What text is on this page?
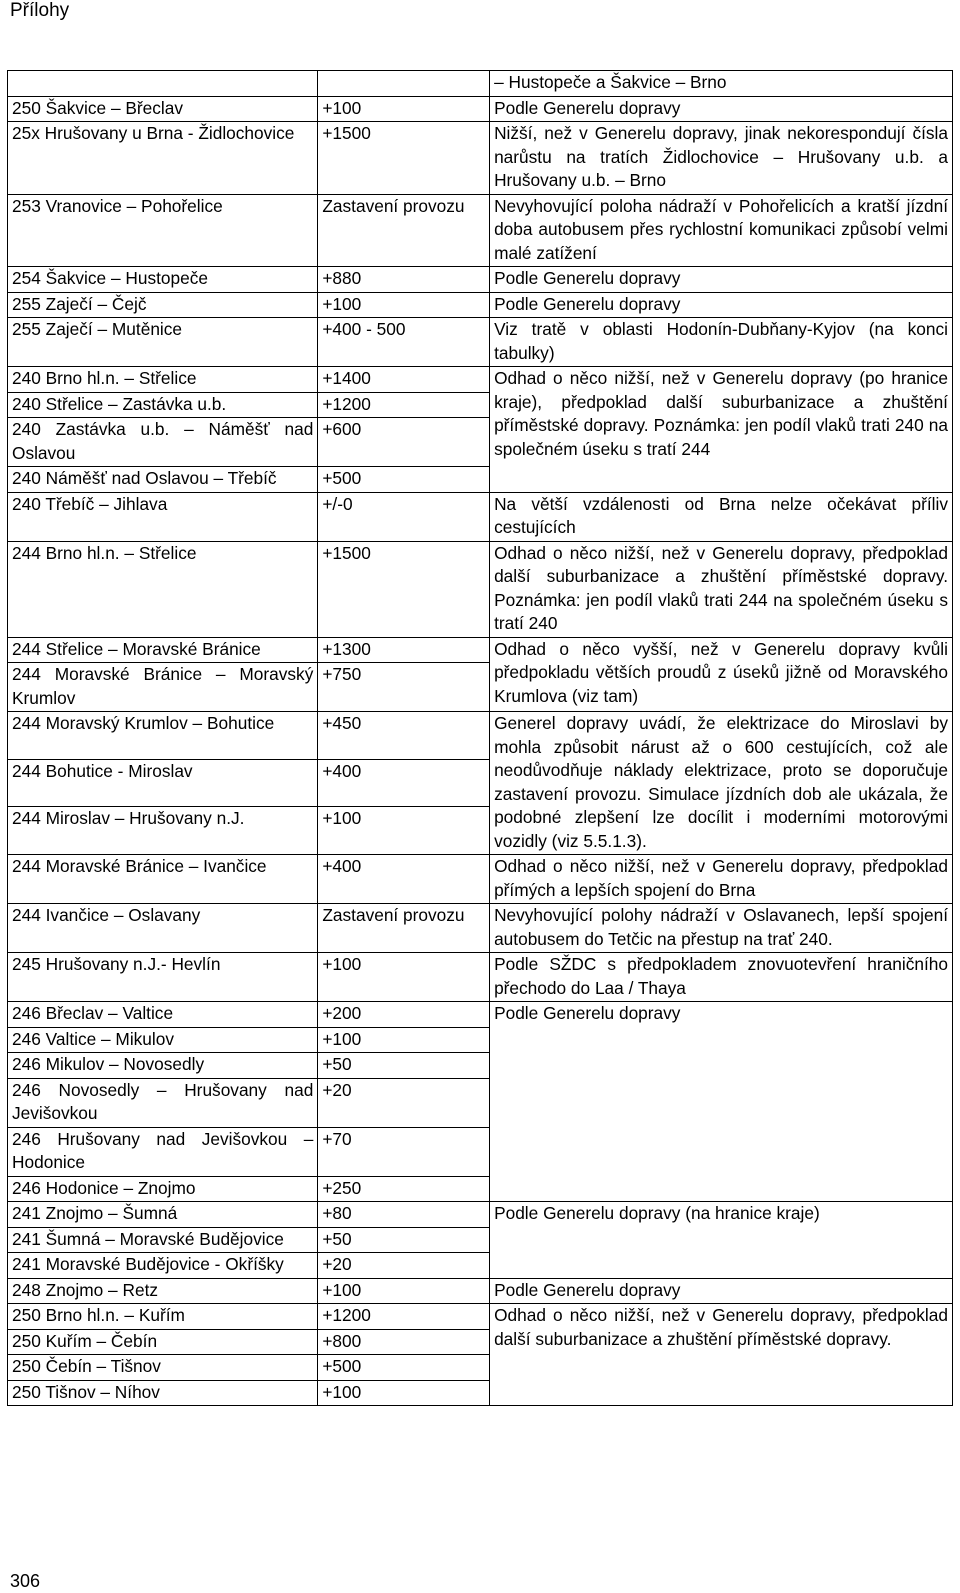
Přílohy
		– Hustopeče a Šakvice – Brno
250 Šakvice – Břeclav	+100	Podle Generelu dopravy
25x Hrušovany u Brna - Židlochovice	+1500	Nižší, než v Generelu dopravy, jinak nekorespondují čísla narůstu na tratích Židlochovice – Hrušovany u.b. a Hrušovany u.b. – Brno
253 Vranovice – Pohořelice	Zastavení provozu	Nevyhovující poloha nádraží v Pohořelicích a kratší jízdní doba autobusem přes rychlostní komunikaci způsobí velmi malé zatížení
254 Šakvice – Hustopeče	+880	Podle Generelu dopravy
255 Zaječí – Čejč	+100	Podle Generelu dopravy
255 Zaječí – Mutěnice	+400 - 500	Viz tratě v oblasti Hodonín-Dubňany-Kyjov (na konci tabulky)
240 Brno hl.n. – Střelice	+1400	Odhad o něco nižší, než v Generelu dopravy (po hranice kraje), předpoklad další suburbanizace a zhuštění příměstské dopravy. Poznámka: jen podíl vlaků trati 240 na společném úseku s tratí 244
240 Střelice – Zastávka u.b.	+1200	
240 Zastávka u.b. – Náměšť nad Oslavou	+600	
240 Náměšť nad Oslavou – Třebíč	+500	
240 Třebíč – Jihlava	+/-0	Na větší vzdálenosti od Brna nelze očekávat příliv cestujících
244 Brno hl.n. – Střelice	+1500	Odhad o něco nižší, než v Generelu dopravy, předpoklad další suburbanizace a zhuštění příměstské dopravy. Poznámka: jen podíl vlaků trati 244 na společném úseku s tratí 240
244 Střelice – Moravské Bránice	+1300	Odhad o něco vyšší, než v Generelu dopravy kvůli předpokladu větších proudů z úseků jižně od Moravského Krumlova (viz tam)
244 Moravské Bránice – Moravský Krumlov	+750	
244 Moravský Krumlov – Bohutice	+450	Generel dopravy uvádí, že elektrizace do Miroslavi by mohla způsobit nárust až o 600 cestujících, což ale neodůvodňuje náklady elektrizace, proto se doporučuje zastavení provozu. Simulace jízdních dob ale ukázala, že podobné zlepšení lze docílit i moderními motorovými vozidly (viz 5.5.1.3).
244 Bohutice - Miroslav	+400	
244 Miroslav – Hrušovany n.J.	+100	
244 Moravské Bránice – Ivančice	+400	Odhad o něco nižší, než v Generelu dopravy, předpoklad přímých a lepších spojení do Brna
244 Ivančice – Oslavany	Zastavení provozu	Nevyhovující polohy nádraží v Oslavanech, lepší spojení autobusem do Tetčic na přestup na trať 240.
245 Hrušovany n.J.- Hevlín	+100	Podle SŽDC s předpokladem znovuotevření hraničního přechodo do Laa / Thaya
246 Břeclav – Valtice	+200	Podle Generelu dopravy
246 Valtice – Mikulov	+100	
246 Mikulov – Novosedly	+50	
246 Novosedly – Hrušovany nad Jevišovkou	+20	
246 Hrušovany nad Jevišovkou – Hodonice	+70	
246 Hodonice – Znojmo	+250	
241 Znojmo – Šumná	+80	Podle Generelu dopravy (na hranice kraje)
241 Šumná – Moravské Budějovice	+50	
241 Moravské Budějovice - Okříšky	+20	
248 Znojmo – Retz	+100	Podle Generelu dopravy
250 Brno hl.n. – Kuřím	+1200	Odhad o něco nižší, než v Generelu dopravy, předpoklad další suburbanizace a zhuštění příměstské dopravy.
250 Kuřím – Čebín	+800	
250 Čebín – Tišnov	+500	
250 Tišnov – Níhov	+100	
306
